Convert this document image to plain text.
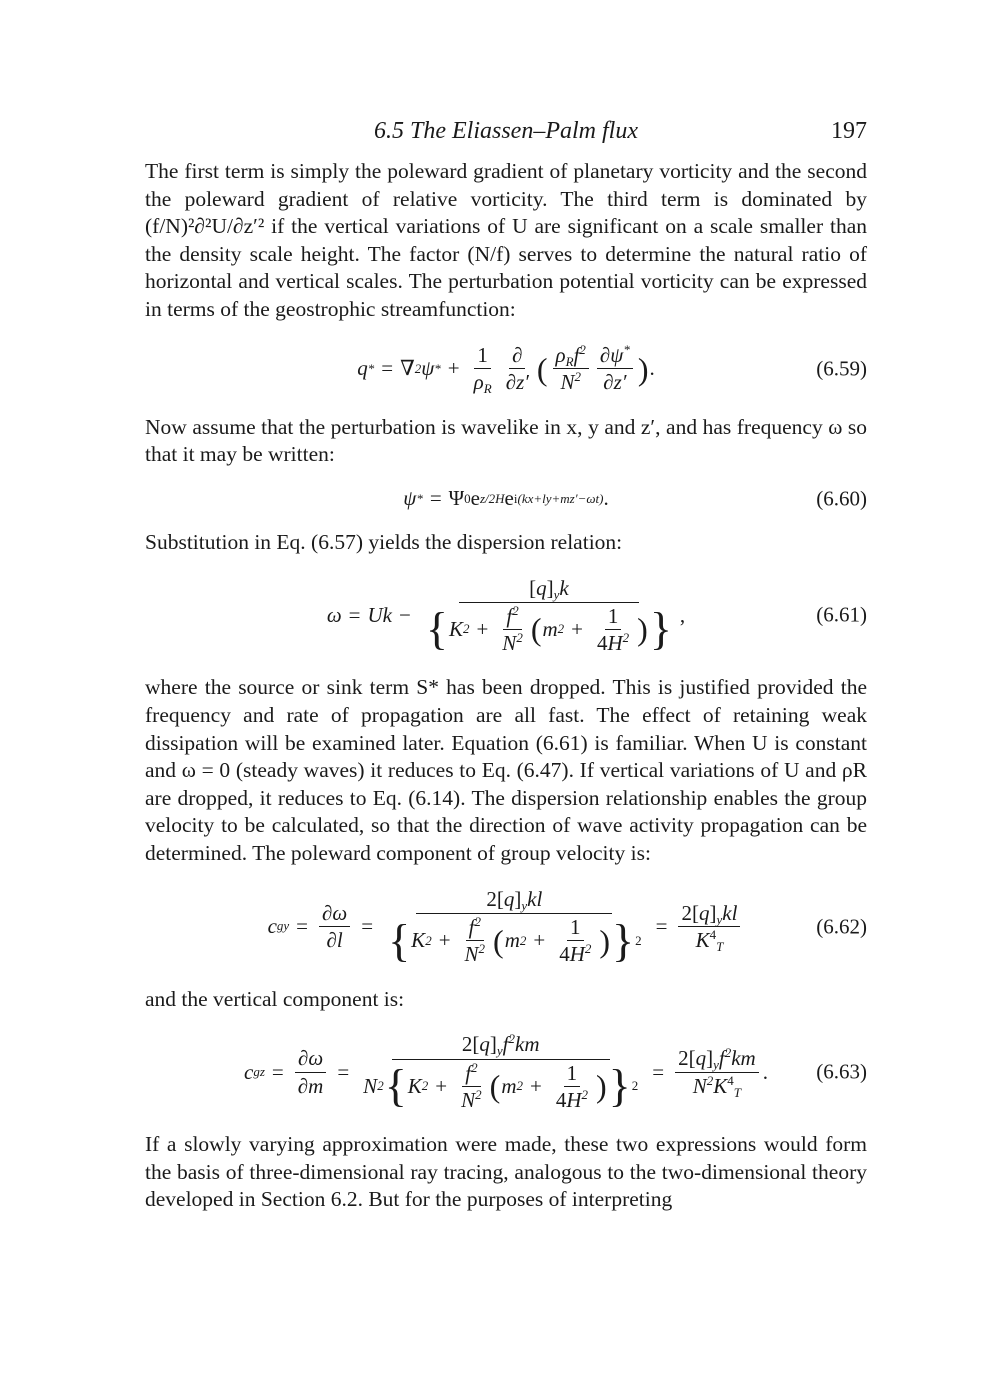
6.5 The Eliassen–Palm flux	197

The first term is simply the poleward gradient of planetary vorticity and the second the poleward gradient of relative vorticity. The third term is dominated by (f/N)²∂²U/∂z′² if the vertical variations of U are significant on a scale smaller than the density scale height. The factor (N/f) serves to determine the natural ratio of horizontal and vertical scales. The perturbation potential vorticity can be expressed in terms of the geostrophic streamfunction:

q * = ∇ 2 ψ * + $\frac{1}{\rho_R} \frac{\partial}{\partial z'}$ ( $\frac{\rho_Rf^2}{N^2} \frac{\partial\psi^*}{\partial z'}$ ) .	(6.59)

Now assume that the perturbation is wavelike in x, y and z′, and has frequency ω so that it may be written:

ψ * = Ψ 0 e z/2H e i(kx+ly+mz′−ωt) .	(6.60)

Substitution in Eq. (6.57) yields the dispersion relation:

ω = Uk −
$[q]_yk$
{ K $2 + \frac{f^2}{N^2}$ ( m $2 + \frac{1}{4H^2}$ ) } ,	(6.61)

where the source or sink term S* has been dropped. This is justified provided the frequency and rate of propagation are all fast. The effect of retaining weak dissipation will be examined later. Equation (6.61) is familiar. When U is constant and ω = 0 (steady waves) it reduces to Eq. (6.47). If vertical variations of U and ρR are dropped, it reduces to Eq. (6.14). The dispersion relationship enables the group velocity to be calculated, so that the direction of wave activity propagation can be determined. The poleward component of group velocity is:

c gy = $\frac{\partial\omega}{\partial l}$ =
$2[q]_ykl$
{ K $2 + \frac{f^2}{N^2}$ ( m $2 + \frac{1}{4H^2}$ ) } 2
= $\frac{2[q]_ykl}{K^4_T}$	(6.62)

and the vertical component is:

c gz = $\frac{\partial\omega}{\partial m}$ =
$2[q]_yf^2km$
N 2 { K $2 + \frac{f^2}{N^2}$ ( m $2 + \frac{1}{4H^2}$ ) } 2
= $\frac{2[q]_yf^2km}{N^2K^4_T}$ . (6.63)

If a slowly varying approximation were made, these two expressions would form the basis of three-dimensional ray tracing, analogous to the two-dimensional theory developed in Section 6.2. But for the purposes of interpreting
